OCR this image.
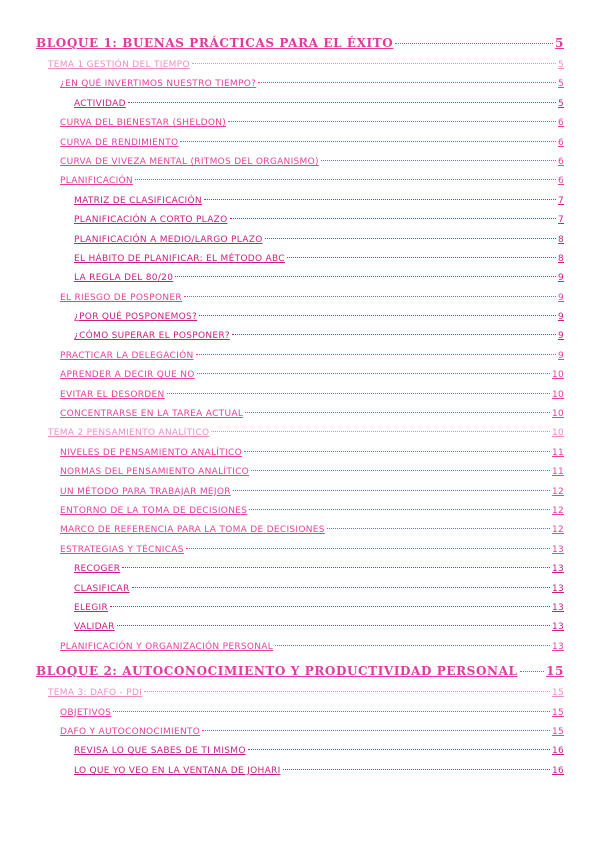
BLOQUE 1: BUENAS PRÁCTICAS PARA EL ÉXITO	5
TEMA 1 GESTIÓN DEL TIEMPO	5
¿EN QUÉ INVERTIMOS NUESTRO TIEMPO?	5
ACTIVIDAD	5
CURVA DEL BIENESTAR (SHELDON)	6
CURVA DE RENDIMIENTO	6
CURVA DE VIVEZA MENTAL (RITMOS DEL ORGANISMO)	6
PLANIFICACIÓN	6
MATRIZ DE CLASIFICACIÓN	7
PLANIFICACIÓN A CORTO PLAZO	7
PLANIFICACIÓN A MEDIO/LARGO PLAZO	8
EL HÁBITO DE PLANIFICAR: EL MÉTODO ABC	8
LA REGLA DEL 80/20	9
EL RIESGO DE POSPONER	9
¿POR QUÉ POSPONEMOS?	9
¿CÓMO SUPERAR EL POSPONER?	9
PRACTICAR LA DELEGACIÓN	9
APRENDER A DECIR QUE NO	10
EVITAR EL DESORDEN	10
CONCENTRARSE EN LA TAREA ACTUAL	10
TEMA 2 PENSAMIENTO ANALÍTICO	10
NIVELES DE PENSAMIENTO ANALÍTICO	11
NORMAS DEL PENSAMIENTO ANALÍTICO	11
UN MÉTODO PARA TRABAJAR MEJOR	12
ENTORNO DE LA TOMA DE DECISIONES	12
MARCO DE REFERENCIA PARA LA TOMA DE DECISIONES	12
ESTRATEGIAS Y TÉCNICAS	13
RECOGER	13
CLASIFICAR	13
ELEGIR	13
VALIDAR	13
PLANIFICACIÓN Y ORGANIZACIÓN PERSONAL	13
BLOQUE 2: AUTOCONOCIMIENTO Y PRODUCTIVIDAD PERSONAL 15
TEMA 3: DAFO - PDI	15
OBJETIVOS	15
DAFO Y AUTOCONOCIMIENTO	15
REVISA LO QUE SABES DE TI MISMO	16
LO QUE YO VEO EN LA VENTANA DE JOHARI	16
